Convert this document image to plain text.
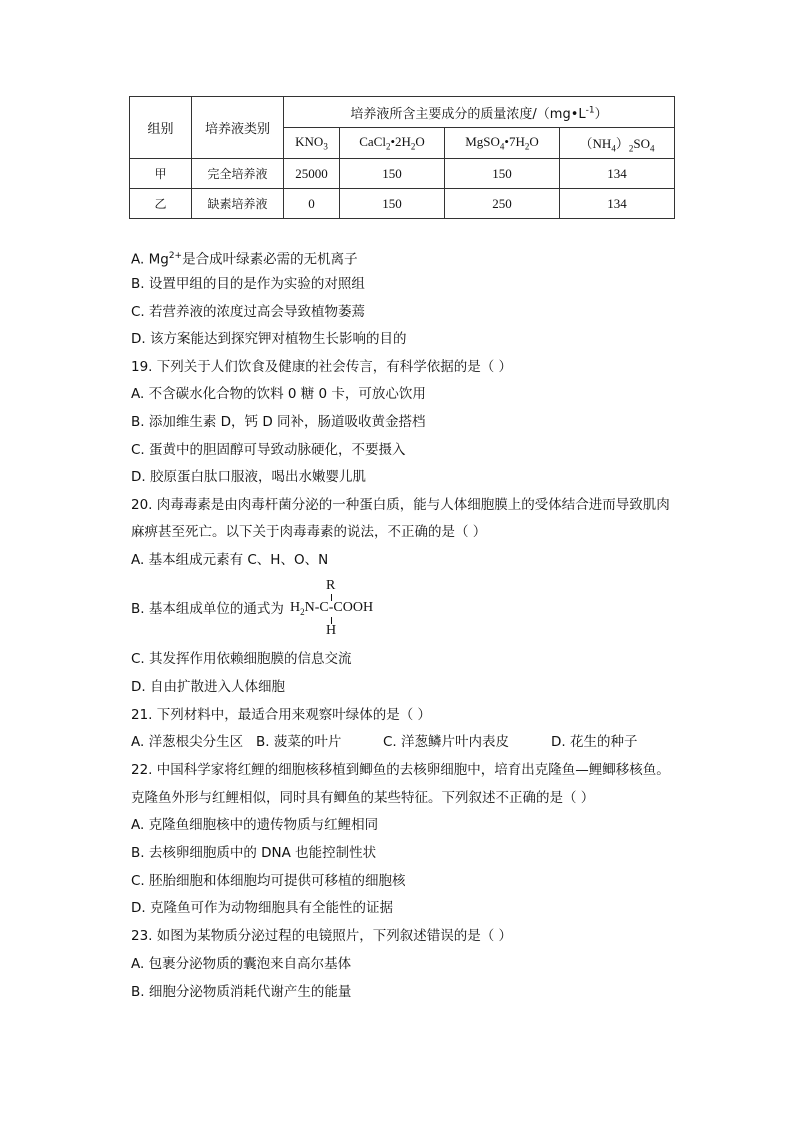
组别	培养液类别	培养液所含主要成分的质量浓度$/(mg•L^{-1})$			
		$KNO_3$	$CaCl_2•2H_2O$	$MgSO_4•7H_2O$	$(NH_4)_2SO_4$
甲	完全培养液	25000	150	150	134
乙	缺素培养液	0	150	250	134
A. $Mg^{2+}$是合成叶绿素必需的无机离子
B. 设置甲组的目的是作为实验的对照组
C. 若营养液的浓度过高会导致植物萎蔫
D. 该方案能达到探究钾对植物生长影响的目的
19. 下列关于人们饮食及健康的社会传言，有科学依据的是（ ）
A. 不含碳水化合物的饮料 0 糖 0 卡，可放心饮用
B. 添加维生素 D，钙 D 同补，肠道吸收黄金搭档
C. 蛋黄中的胆固醇可导致动脉硬化，不要摄入
D. 胶原蛋白肽口服液，喝出水嫩婴儿肌
20. 肉毒毒素是由肉毒杆菌分泌的一种蛋白质，能与人体细胞膜上的受体结合进而导致肌肉
麻痹甚至死亡。以下关于肉毒毒素的说法，不正确的是（ ）
A. 基本组成元素有 C、H、O、N
B. 基本组成单位的通式为
R
$H_2N-C$-COOH
H
C. 其发挥作用依赖细胞膜的信息交流
D. 自由扩散进入人体细胞
21. 下列材料中，最适合用来观察叶绿体的是（ ）
A. 洋葱根尖分生区 B. 菠菜的叶片	C. 洋葱鳞片叶内表皮	D. 花生的种子
22. 中国科学家将红鲤的细胞核移植到鲫鱼的去核卵细胞中，培育出克隆鱼—鲤鲫移核鱼。
克隆鱼外形与红鲤相似，同时具有鲫鱼的某些特征。下列叙述不正确的是（ ）
A. 克隆鱼细胞核中的遗传物质与红鲤相同
B. 去核卵细胞质中的 DNA 也能控制性状
C. 胚胎细胞和体细胞均可提供可移植的细胞核
D. 克隆鱼可作为动物细胞具有全能性的证据
23. 如图为某物质分泌过程的电镜照片，下列叙述错误的是（ ）
A. 包裹分泌物质的囊泡来自高尔基体
B. 细胞分泌物质消耗代谢产生的能量
